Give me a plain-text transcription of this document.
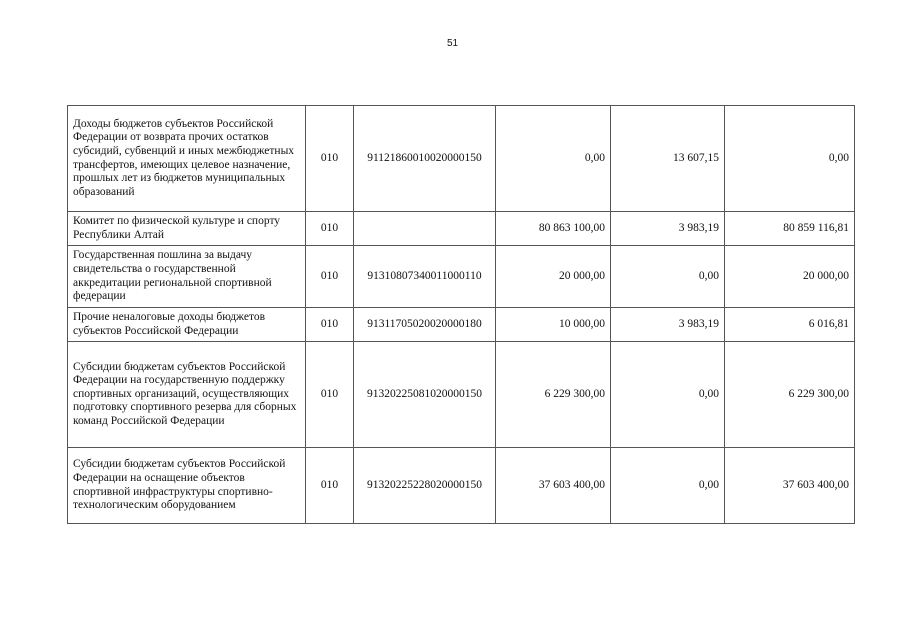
51
Доходы бюджетов субъектов Российской Федерации от возврата прочих остатков субсидий, субвенций и иных межбюджетных трансфертов, имеющих целевое назначение, прошлых лет из бюджетов муниципальных образований	010	91121860010020000150	0,00	13 607,15	0,00
Комитет по физической культуре и спорту Республики Алтай	010		80 863 100,00	3 983,19	80 859 116,81
Государственная пошлина за выдачу свидетельства о государственной аккредитации региональной спортивной федерации	010	91310807340011000110	20 000,00	0,00	20 000,00
Прочие неналоговые доходы бюджетов субъектов Российской Федерации	010	91311705020020000180	10 000,00	3 983,19	6 016,81
Субсидии бюджетам субъектов Российской Федерации на государственную поддержку спортивных организаций, осуществляющих подготовку спортивного резерва для сборных команд Российской Федерации	010	91320225081020000150	6 229 300,00	0,00	6 229 300,00
Субсидии бюджетам субъектов Российской Федерации на оснащение объектов спортивной инфраструктуры спортивно-технологическим оборудованием	010	91320225228020000150	37 603 400,00	0,00	37 603 400,00
